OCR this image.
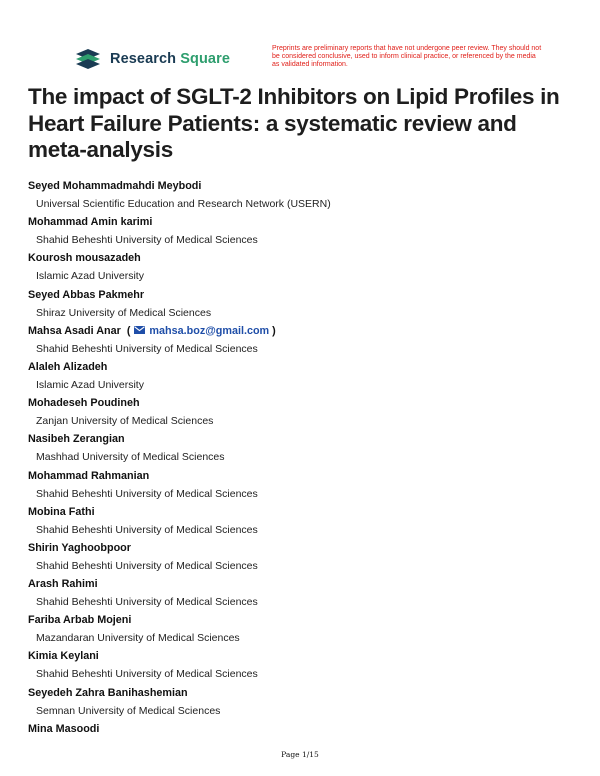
Research Square
Preprints are preliminary reports that have not undergone peer review. They should not be considered conclusive, used to inform clinical practice, or referenced by the media as validated information.
The impact of SGLT-2 Inhibitors on Lipid Profiles in Heart Failure Patients: a systematic review and meta-analysis
Seyed Mohammadmahdi Meybodi
Universal Scientific Education and Research Network (USERN)
Mohammad Amin karimi
Shahid Beheshti University of Medical Sciences
Kourosh mousazadeh
Islamic Azad University
Seyed Abbas Pakmehr
Shiraz University of Medical Sciences
Mahsa Asadi Anar ( mahsa.boz@gmail.com )
Shahid Beheshti University of Medical Sciences
Alaleh Alizadeh
Islamic Azad University
Mohadeseh Poudineh
Zanjan University of Medical Sciences
Nasibeh Zerangian
Mashhad University of Medical Sciences
Mohammad Rahmanian
Shahid Beheshti University of Medical Sciences
Mobina Fathi
Shahid Beheshti University of Medical Sciences
Shirin Yaghoobpoor
Shahid Beheshti University of Medical Sciences
Arash Rahimi
Shahid Beheshti University of Medical Sciences
Fariba Arbab Mojeni
Mazandaran University of Medical Sciences
Kimia Keylani
Shahid Beheshti University of Medical Sciences
Seyedeh Zahra Banihashemian
Semnan University of Medical Sciences
Mina Masoodi
Page 1/15
